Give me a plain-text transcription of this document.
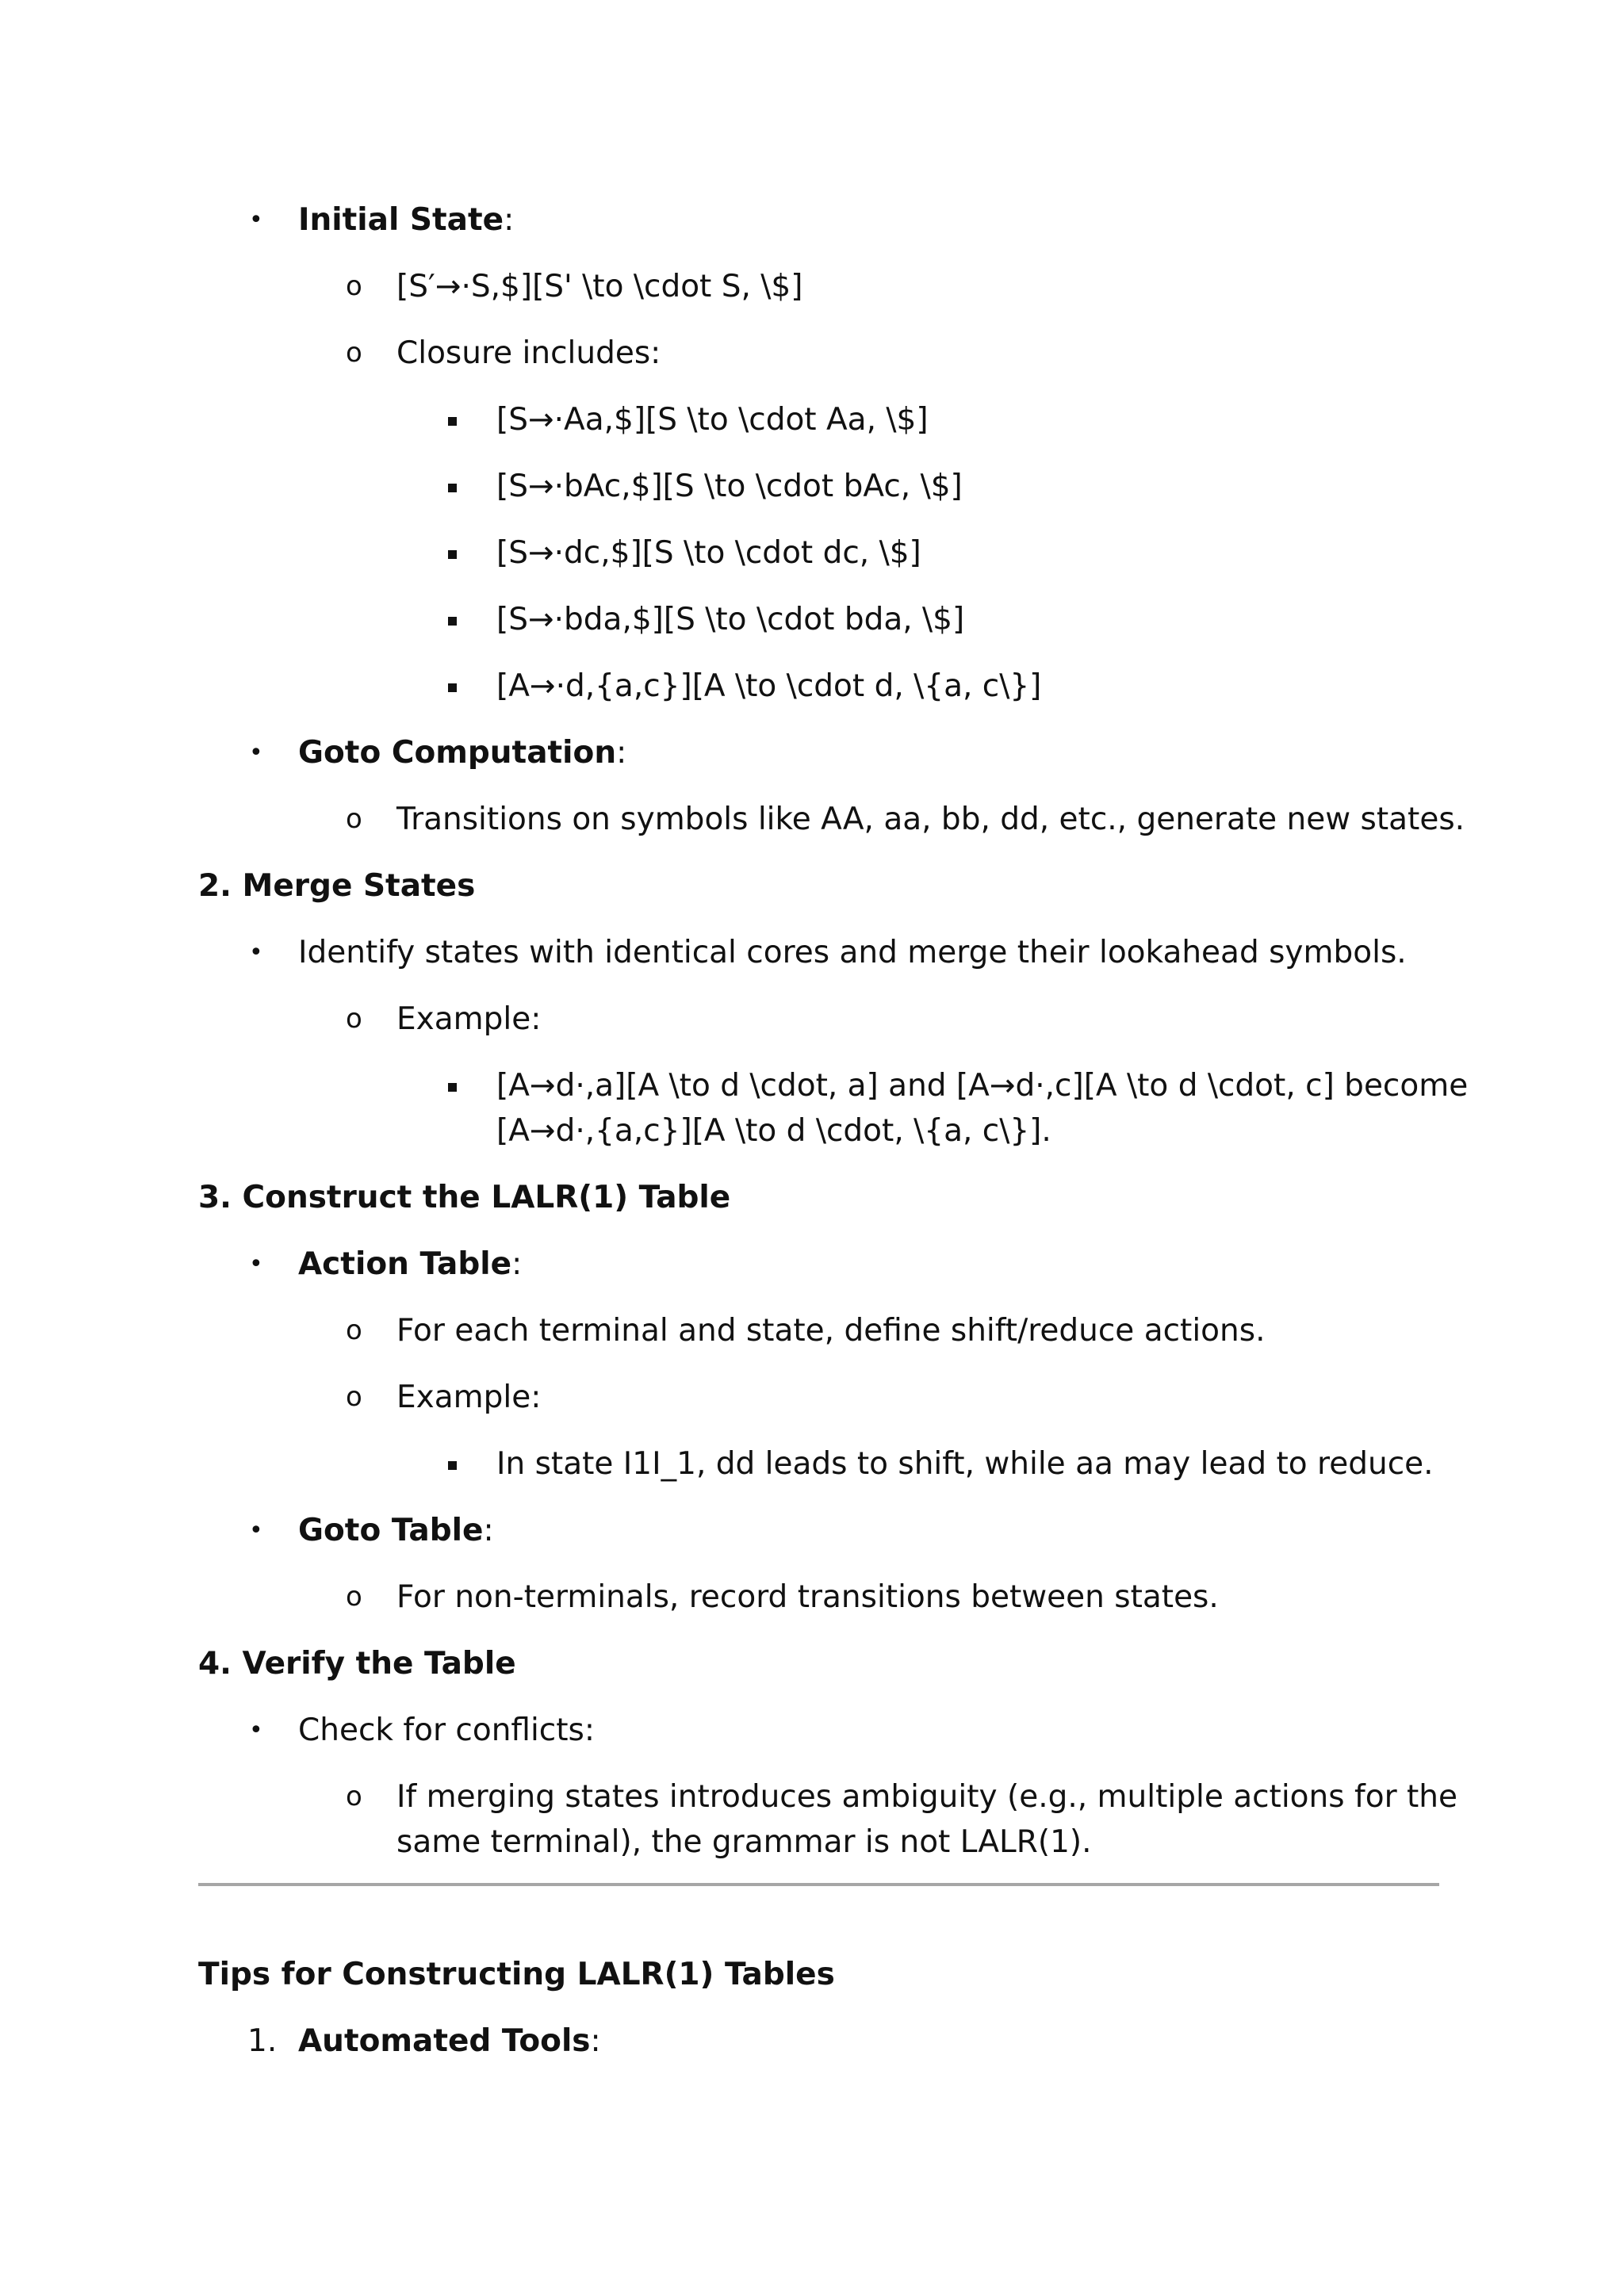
• Initial State:
o [S′→·S,$][S' \to \cdot S, \$]
o Closure includes:
[S→·Aa,$][S \to \cdot Aa, \$]
[S→·bAc,$][S \to \cdot bAc, \$]
[S→·dc,$][S \to \cdot dc, \$]
[S→·bda,$][S \to \cdot bda, \$]
[A→·d,{a,c}][A \to \cdot d, \{a, c\}]
• Goto Computation:
o Transitions on symbols like AA, aa, bb, dd, etc., generate new states.
2. Merge States
• Identify states with identical cores and merge their lookahead symbols.
o Example:
[A→d·,a][A \to d \cdot, a] and [A→d·,c][A \to d \cdot, c] become
[A→d·,{a,c}][A \to d \cdot, \{a, c\}].
3. Construct the LALR(1) Table
• Action Table:
o For each terminal and state, define shift/reduce actions.
o Example:
In state I1I_1, dd leads to shift, while aa may lead to reduce.
• Goto Table:
o For non-terminals, record transitions between states.
4. Verify the Table
• Check for conflicts:
o If merging states introduces ambiguity (e.g., multiple actions for the
same terminal), the grammar is not LALR(1).
Tips for Constructing LALR(1) Tables
1. Automated Tools:
